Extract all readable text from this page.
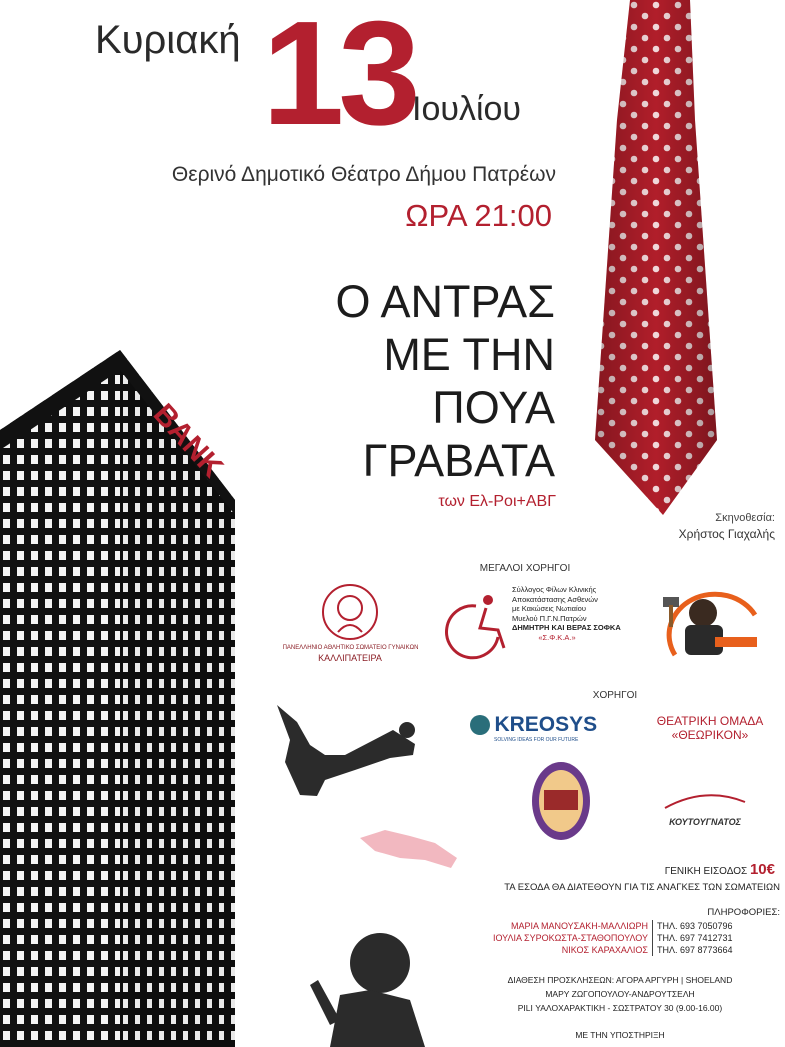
Κυριακή 13
Ιουλίου
Θερινό Δημοτικό Θέατρο Δήμου Πατρέων
ΩΡΑ 21:00
Ο ΑΝΤΡΑΣ
ΜΕ ΤΗΝ
ΠΟΥΑ
ΓΡΑΒΑΤΑ
των Ελ-Ροι+ΑΒΓ
Σκηνοθεσία:
Χρήστος Γιαχαλής
BANK
ΜΕΓΑΛΟΙ ΧΟΡΗΓΟΙ
ΠΑΝΕΛΛΗΝΙΟ ΑΘΛΗΤΙΚΟ ΣΩΜΑΤΕΙΟ ΓΥΝΑΙΚΩΝ
ΚΑΛΛΙΠΑΤΕΙΡΑ
Σύλλογος Φίλων Κλινικής
Αποκατάστασης Ασθενών
με Κακώσεις Νωτιαίου
Μυελού Π.Γ.Ν.Πατρών
ΔΗΜΗΤΡΗ ΚΑΙ ΒΕΡΑΣ ΣΟΦΚΑ
«Σ.Φ.Κ.Α.»
ΧΟΡΗΓΟΙ
KREOSYS
SOLVING IDEAS FOR OUR FUTURE
ΘΕΑΤΡΙΚΗ ΟΜΑΔΑ
«ΘΕΩΡΙΚΟΝ»
ΚΟΥΤΟΥΓΝΑΤΟΣ
ΓΕΝΙΚΗ ΕΙΣΟΔΟΣ 10€
ΤΑ ΕΣΟΔΑ ΘΑ ΔΙΑΤΕΘΟΥΝ ΓΙΑ ΤΙΣ ΑΝΑΓΚΕΣ ΤΩΝ ΣΩΜΑΤΕΙΩΝ
ΠΛΗΡΟΦΟΡΙΕΣ:
ΜΑΡΙΑ ΜΑΝΟΥΣΑΚΗ-ΜΑΛΛΙΩΡΗ
ΙΟΥΛΙΑ ΣΥΡΟΚΩΣΤΑ-ΣΤΑΘΟΠΟΥΛΟΥ
ΝΙΚΟΣ ΚΑΡΑΧΑΛΙΟΣ
ΤΗΛ. 693 7050796
ΤΗΛ. 697 7412731
ΤΗΛ. 697 8773664
ΔΙΑΘΕΣΗ ΠΡΟΣΚΛΗΣΕΩΝ: ΑΓΟΡΑ ΑΡΓΥΡΗ | SHOELAND
ΜΑΡΥ ΖΩΓΟΠΟΥΛΟΥ-ΑΝΔΡΟΥΤΣΕΛΗ
PILI ΥΑΛΟΧΑΡΑΚΤΙΚΗ - ΣΩΣΤΡΑΤΟΥ 30 (9.00-16.00)
ΜΕ ΤΗΝ ΥΠΟΣΤΗΡΙΞΗ
